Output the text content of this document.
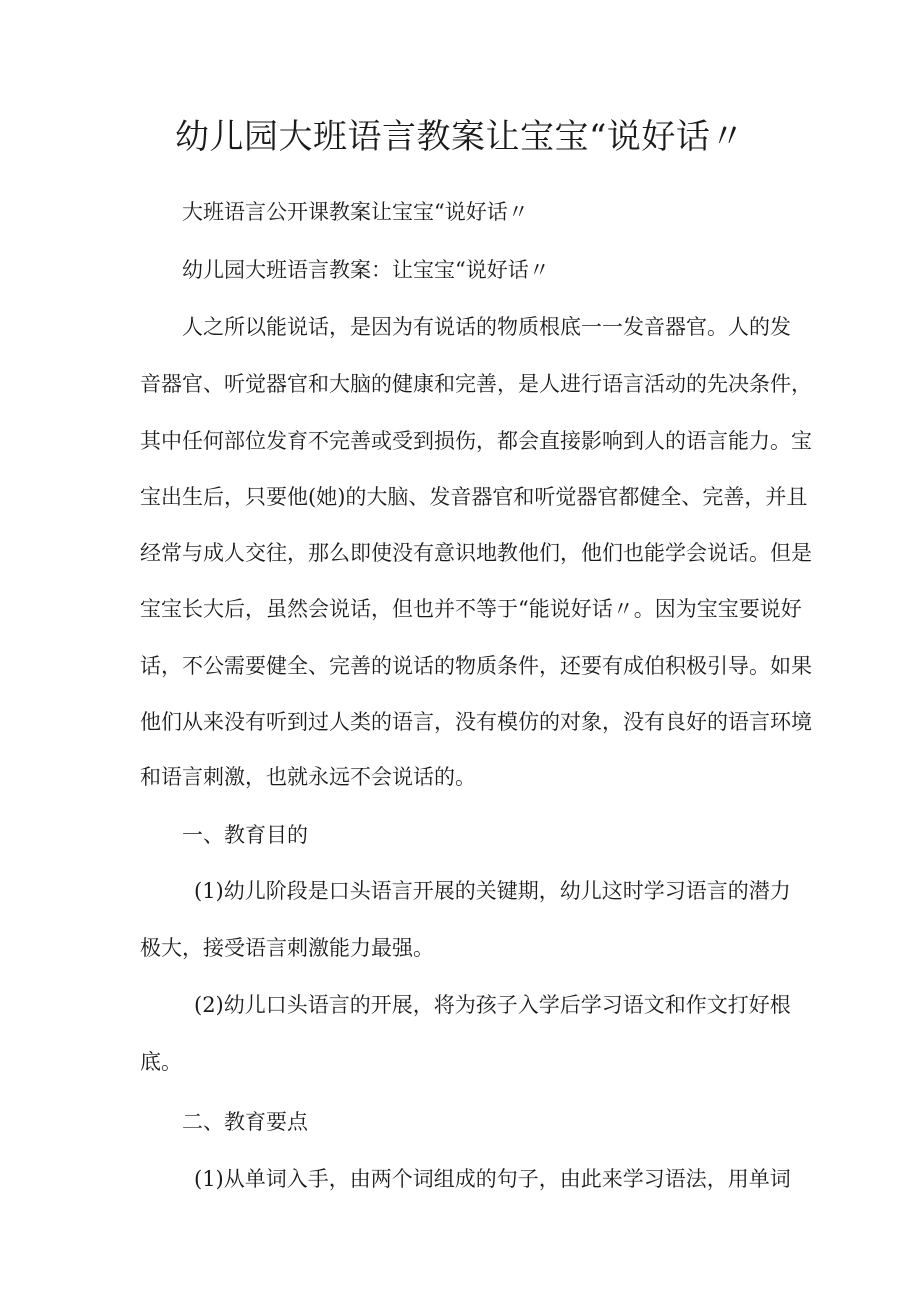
幼儿园大班语言教案让宝宝“说好话〃

大班语言公开课教案让宝宝“说好话〃

幼儿园大班语言教案：让宝宝“说好话〃

人之所以能说话，是因为有说话的物质根底一一发音器官。人的发

音器官、听觉器官和大脑的健康和完善，是人进行语言活动的先决条件，

其中任何部位发育不完善或受到损伤，都会直接影响到人的语言能力。宝

宝出生后，只要他(她)的大脑、发音器官和听觉器官都健全、完善，并且

经常与成人交往，那么即使没有意识地教他们，他们也能学会说话。但是

宝宝长大后，虽然会说话，但也并不等于“能说好话〃。因为宝宝要说好

话，不公需要健全、完善的说话的物质条件，还要有成伯积极引导。如果

他们从来没有听到过人类的语言，没有模仿的对象，没有良好的语言环境

和语言刺激，也就永远不会说话的。

一、教育目的

(1)幼儿阶段是口头语言开展的关键期，幼儿这时学习语言的潜力

极大，接受语言刺激能力最强。

(2)幼儿口头语言的开展，将为孩子入学后学习语文和作文打好根

底。

二、教育要点

(1)从单词入手，由两个词组成的句子，由此来学习语法，用单词
